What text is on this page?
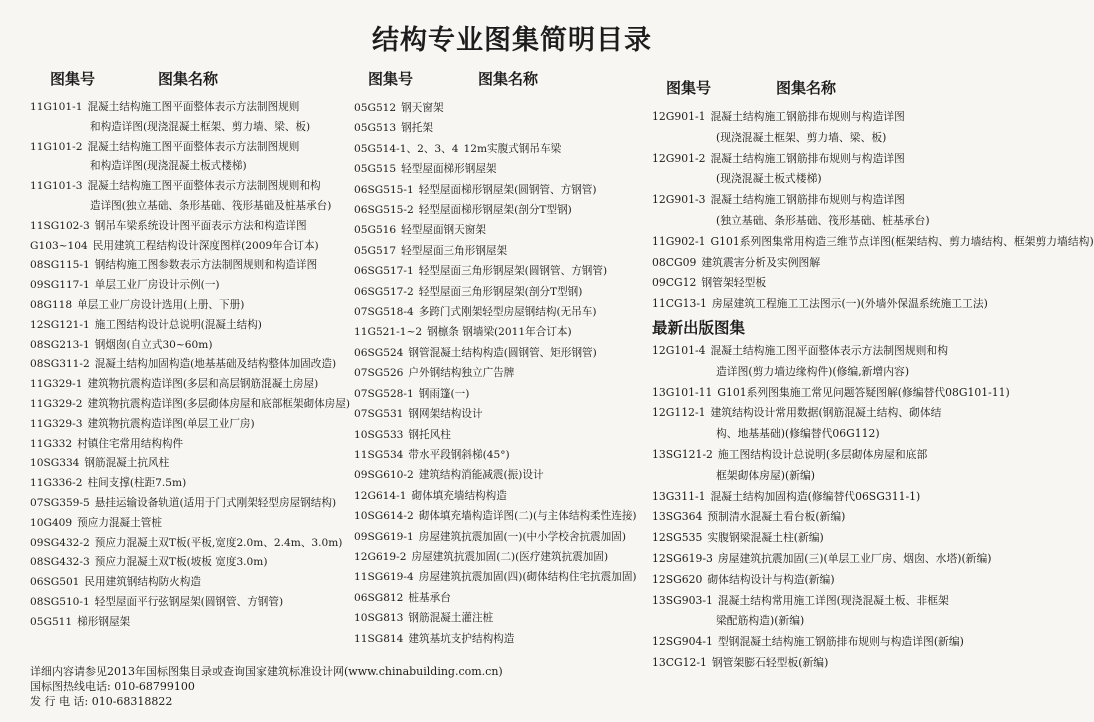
结构专业图集简明目录
图集号	图集名称
11G101-1 混凝土结构施工图平面整体表示方法制图规则
和构造详图(现浇混凝土框架、剪力墙、梁、板)
11G101-2 混凝土结构施工图平面整体表示方法制图规则
和构造详图(现浇混凝土板式楼梯)
11G101-3 混凝土结构施工图平面整体表示方法制图规则和构
造详图(独立基础、条形基础、筏形基础及桩基承台)
11SG102-3 钢吊车梁系统设计图平面表示方法和构造详图
G103~104 民用建筑工程结构设计深度图样(2009年合订本)
08SG115-1 钢结构施工图参数表示方法制图规则和构造详图
09SG117-1 单层工业厂房设计示例(一)
08G118 单层工业厂房设计选用(上册、下册)
12SG121-1 施工图结构设计总说明(混凝土结构)
08SG213-1 钢烟囱(自立式30~60m)
08SG311-2 混凝土结构加固构造(地基基础及结构整体加固改造)
11G329-1 建筑物抗震构造详图(多层和高层钢筋混凝土房屋)
11G329-2 建筑物抗震构造详图(多层砌体房屋和底部框架砌体房屋)
11G329-3 建筑物抗震构造详图(单层工业厂房)
11G332 村镇住宅常用结构构件
10SG334 钢筋混凝土抗风柱
11G336-2 柱间支撑(柱距7.5m)
07SG359-5 悬挂运输设备轨道(适用于门式刚架轻型房屋钢结构)
10G409 预应力混凝土管桩
09SG432-2 预应力混凝土双T板(平板,宽度2.0m、2.4m、3.0m)
08SG432-3 预应力混凝土双T板(坡板 宽度3.0m)
06SG501 民用建筑钢结构防火构造
08SG510-1 轻型屋面平行弦钢屋架(圆钢管、方钢管)
05G511 梯形钢屋架
图集号	图集名称
05G512 钢天窗架
05G513 钢托架
05G514-1、2、3、4 12m实腹式钢吊车梁
05G515 轻型屋面梯形钢屋架
06SG515-1 轻型屋面梯形钢屋架(圆钢管、方钢管)
06SG515-2 轻型屋面梯形钢屋架(剖分T型钢)
05G516 轻型屋面钢天窗架
05G517 轻型屋面三角形钢屋架
06SG517-1 轻型屋面三角形钢屋架(圆钢管、方钢管)
06SG517-2 轻型屋面三角形钢屋架(剖分T型钢)
07SG518-4 多跨门式刚架轻型房屋钢结构(无吊车)
11G521-1~2 钢檩条 钢墙梁(2011年合订本)
06SG524 钢管混凝土结构构造(圆钢管、矩形钢管)
07SG526 户外钢结构独立广告牌
07SG528-1 钢雨篷(一)
07SG531 钢网架结构设计
10SG533 钢托风柱
11SG534 带水平段钢斜梯(45°)
09SG610-2 建筑结构消能减震(振)设计
12G614-1 砌体填充墙结构构造
10SG614-2 砌体填充墙构造详图(二)(与主体结构柔性连接)
09SG619-1 房屋建筑抗震加固(一)(中小学校舍抗震加固)
12G619-2 房屋建筑抗震加固(二)(医疗建筑抗震加固)
11SG619-4 房屋建筑抗震加固(四)(砌体结构住宅抗震加固)
06SG812 桩基承台
10SG813 钢筋混凝土灌注桩
11SG814 建筑基坑支护结构构造
图集号	图集名称
12G901-1 混凝土结构施工钢筋排布规则与构造详图
(现浇混凝土框架、剪力墙、梁、板)
12G901-2 混凝土结构施工钢筋排布规则与构造详图
(现浇混凝土板式楼梯)
12G901-3 混凝土结构施工钢筋排布规则与构造详图
(独立基础、条形基础、筏形基础、桩基承台)
11G902-1 G101系列图集常用构造三维节点详图(框架结构、剪力墙结构、框架剪力墙结构)
08CG09 建筑震害分析及实例图解
09CG12 钢管架轻型板
11CG13-1 房屋建筑工程施工工法图示(一)(外墙外保温系统施工工法)
最新出版图集
12G101-4 混凝土结构施工图平面整体表示方法制图规则和构
造详图(剪力墙边缘构件)(修编,新增内容)
13G101-11 G101系列图集施工常见问题答疑图解(修编替代08G101-11)
12G112-1 建筑结构设计常用数据(钢筋混凝土结构、砌体结
构、地基基础)(修编替代06G112)
13SG121-2 施工图结构设计总说明(多层砌体房屋和底部
框架砌体房屋)(新编)
13G311-1 混凝土结构加固构造(修编替代06SG311-1)
13SG364 预制清水混凝土看台板(新编)
12SG535 实腹钢梁混凝土柱(新编)
12SG619-3 房屋建筑抗震加固(三)(单层工业厂房、烟囱、水塔)(新编)
12SG620 砌体结构设计与构造(新编)
13SG903-1 混凝土结构常用施工详图(现浇混凝土板、非框架
梁配筋构造)(新编)
12SG904-1 型钢混凝土结构施工钢筋排布规则与构造详图(新编)
13CG12-1 钢管架膨石轻型板(新编)
详细内容请参见2013年国标图集目录或查询国家建筑标准设计网(www.chinabuilding.com.cn)
国标图热线电话: 010-68799100
发 行 电 话: 010-68318822
